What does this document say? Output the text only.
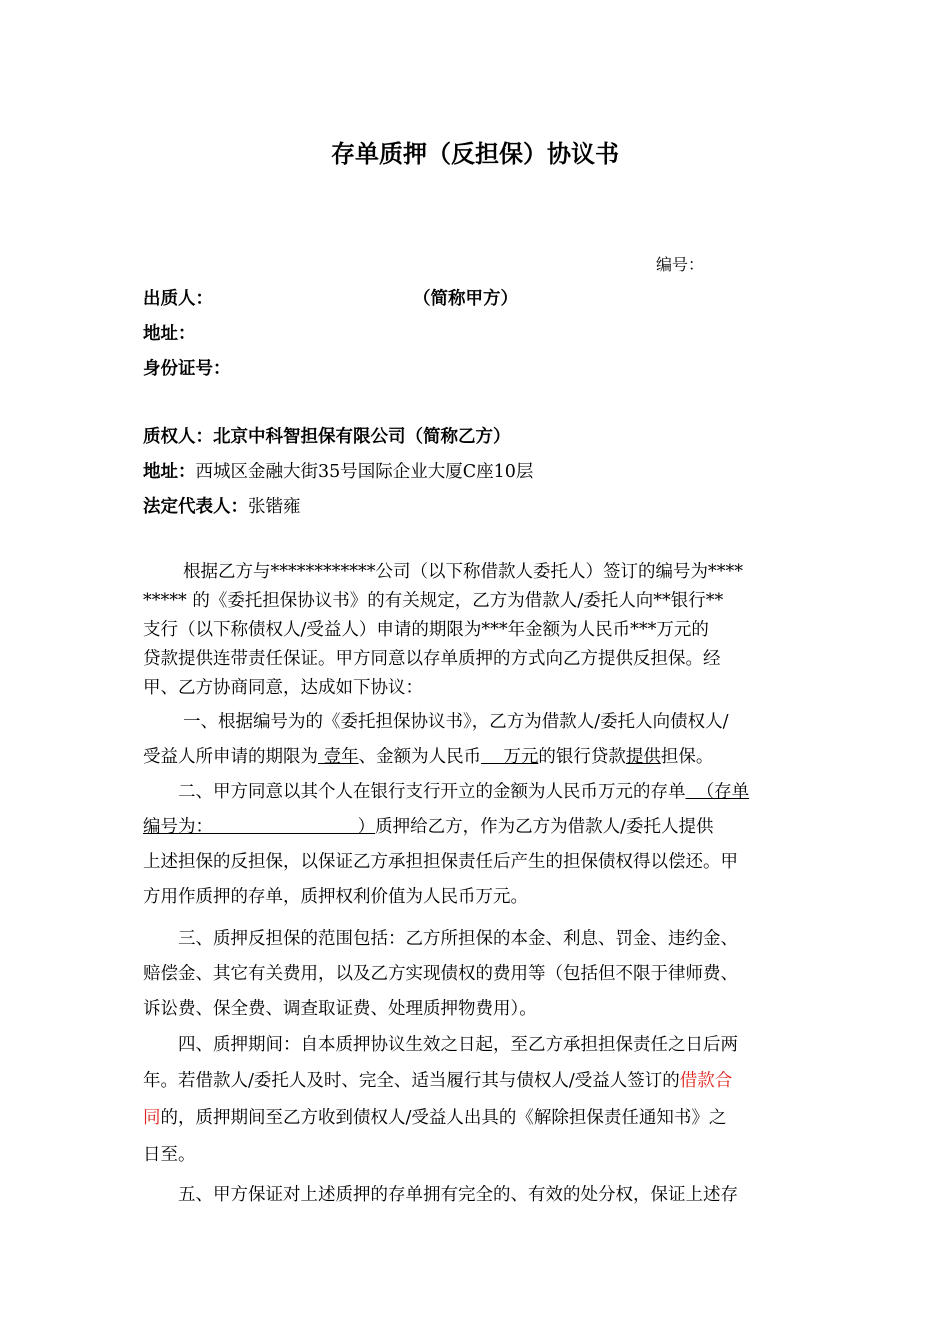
存单质押（反担保）协议书
编号：
出质人：	（简称甲方）
地址：
身份证号：
质权人：北京中科智担保有限公司（简称乙方）
地址：西城区金融大街35号国际企业大厦C座10层
法定代表人：张锴雍
根据乙方与************公司（以下称借款人委托人）签订的编号为****
***** 的《委托担保协议书》的有关规定，乙方为借款人/委托人向**银行**
支行（以下称债权人/受益人）申请的期限为***年金额为人民币***万元的
贷款提供连带责任保证。甲方同意以存单质押的方式向乙方提供反担保。经
甲、乙方协商同意，达成如下协议：
一、根据编号为的《委托担保协议书》，乙方为借款人/委托人向债权人/
受益人所申请的期限为 壹年、金额为人民币    万元的银行贷款提供担保。
二、甲方同意以其个人在银行支行开立的金额为人民币万元的存单  （存单
编号为：                          ）质押给乙方，作为乙方为借款人/委托人提供
上述担保的反担保，以保证乙方承担担保责任后产生的担保债权得以偿还。甲
方用作质押的存单，质押权利价值为人民币万元。
三、质押反担保的范围包括：乙方所担保的本金、利息、罚金、违约金、
赔偿金、其它有关费用，以及乙方实现债权的费用等（包括但不限于律师费、
诉讼费、保全费、调查取证费、处理质押物费用）。
四、质押期间：自本质押协议生效之日起，至乙方承担担保责任之日后两
年。若借款人/委托人及时、完全、适当履行其与债权人/受益人签订的借款合
同的，质押期间至乙方收到债权人/受益人出具的《解除担保责任通知书》之
日至。
五、甲方保证对上述质押的存单拥有完全的、有效的处分权，保证上述存
